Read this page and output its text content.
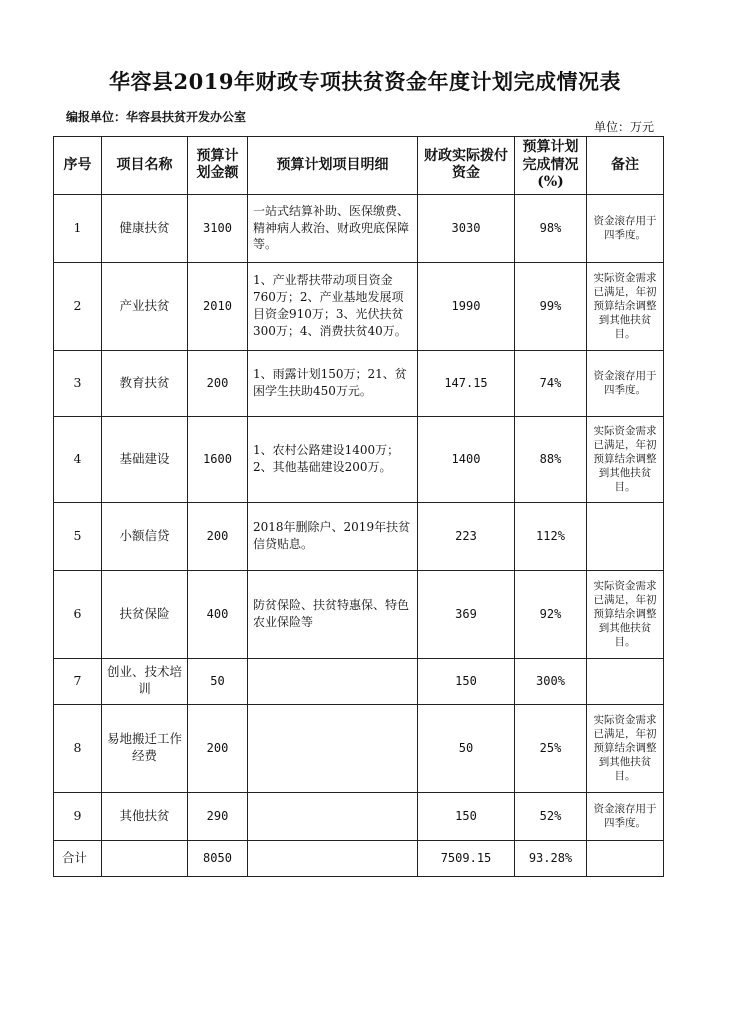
华容县2019年财政专项扶贫资金年度计划完成情况表
编报单位：华容县扶贫开发办公室
单位：万元
序号	项目名称	预算计划金额	预算计划项目明细	财政实际拨付资金	预算计划完成情况(%)	备注
1	健康扶贫	3100	一站式结算补助、医保缴费、精神病人救治、财政兜底保障等。	3030	98%	资金滚存用于四季度。
2	产业扶贫	2010	1、产业帮扶带动项目资金760万；2、产业基地发展项目资金910万；3、光伏扶贫300万；4、消费扶贫40万。	1990	99%	实际资金需求已满足，年初预算结余调整到其他扶贫目。
3	教育扶贫	200	1、雨露计划150万；21、贫困学生扶助450万元。	147.15	74%	资金滚存用于四季度。
4	基础建设	1600	1、农村公路建设1400万；2、其他基础建设200万。	1400	88%	实际资金需求已满足，年初预算结余调整到其他扶贫目。
5	小额信贷	200	2018年删除户、2019年扶贫信贷贴息。	223	112%	
6	扶贫保险	400	防贫保险、扶贫特惠保、特色农业保险等	369	92%	实际资金需求已满足，年初预算结余调整到其他扶贫目。
7	创业、技术培训	50		150	300%	
8	易地搬迁工作经费	200		50	25%	实际资金需求已满足，年初预算结余调整到其他扶贫目。
9	其他扶贫	290		150	52%	资金滚存用于四季度。
合计		8050		7509.15	93.28%	
